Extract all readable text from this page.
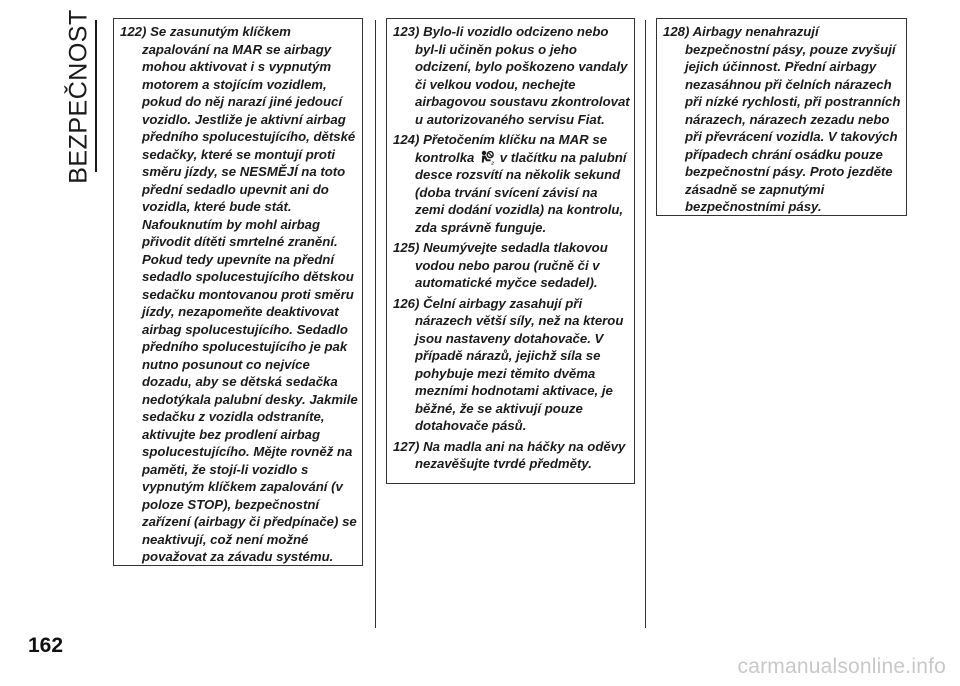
BEZPEČNOST 122) Se zasunutým klíčkem zapalování na MAR se airbagy mohou aktivovat i s vypnutým motorem a stojícím vozidlem, pokud do něj narazí jiné jedoucí vozidlo. Jestliže je aktivní airbag předního spolucestujícího, dětské sedačky, které se montují proti směru jízdy, se NESMĚJÍ na toto přední sedadlo upevnit ani do vozidla, které bude stát. Nafouknutím by mohl airbag přivodit dítěti smrtelné zranění. Pokud tedy upevníte na přední sedadlo spolucestujícího dětskou sedačku montovanou proti směru jízdy, nezapomeňte deaktivovat airbag spolucestujícího. Sedadlo předního spolucestujícího je pak nutno posunout co nejvíce dozadu, aby se dětská sedačka nedotýkala palubní desky. Jakmile sedačku z vozidla odstraníte, aktivujte bez prodlení airbag spolucestujícího. Mějte rovněž na paměti, že stojí-li vozidlo s vypnutým klíčkem zapalování (v poloze STOP), bezpečnostní zařízení (airbagy či předpínače) se neaktivují, což není možné považovat za závadu systému.

123) Bylo-li vozidlo odcizeno nebo byl-li učiněn pokus o jeho odcizení, bylo poškozeno vandaly či velkou vodou, nechejte airbagovou soustavu zkontrolovat u autorizovaného servisu Fiat.

124) Přetočením klíčku na MAR se kontrolka	2 v tlačítku na palubní desce rozsvítí na několik sekund (doba trvání svícení závisí na zemi dodání vozidla) na kontrolu, zda správně funguje.

125) Neumývejte sedadla tlakovou vodou nebo parou (ručně či v automatické myčce sedadel).

126) Čelní airbagy zasahují při nárazech větší síly, než na kterou jsou nastaveny dotahovače. V případě nárazů, jejichž síla se pohybuje mezi těmito dvěma mezními hodnotami aktivace, je běžné, že se aktivují pouze dotahovače pásů.

127) Na madla ani na háčky na oděvy nezavěšujte tvrdé předměty.

128) Airbagy nenahrazují bezpečnostní pásy, pouze zvyšují jejich účinnost. Přední airbagy nezasáhnou při čelních nárazech při nízké rychlosti, při postranních nárazech, nárazech zezadu nebo při převrácení vozidla. V takových případech chrání osádku pouze bezpečnostní pásy. Proto jezděte zásadně se zapnutými bezpečnostními pásy.

162
carmanualsonline.info
